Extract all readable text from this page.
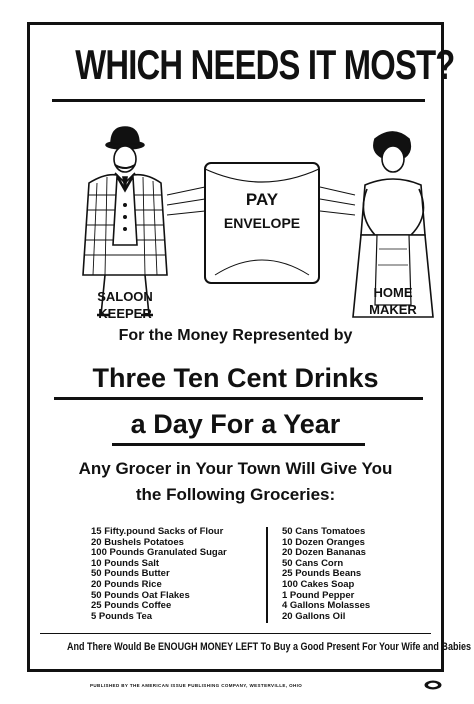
WHICH NEEDS IT MOST?
SALOON
KEEPER
PAY
ENVELOPE
HOME
MAKER
For the Money Represented by
Three Ten Cent Drinks
a Day For a Year
Any Grocer in Your Town Will Give You
the Following Groceries:
15 Fifty.pound Sacks of Flour
20 Bushels Potatoes
100 Pounds Granulated Sugar
10 Pounds Salt
50 Pounds Butter
20 Pounds Rice
50 Pounds Oat Flakes
25 Pounds Coffee
5 Pounds Tea
50 Cans Tomatoes
10 Dozen Oranges
20 Dozen Bananas
50 Cans Corn
25 Pounds Beans
100 Cakes Soap
1 Pound Pepper
4 Gallons Molasses
20 Gallons Oil
And There Would Be ENOUGH MONEY LEFT To Buy a Good Present For Your Wife and Babies
PUBLISHED BY THE AMERICAN ISSUE PUBLISHING COMPANY, WESTERVILLE, OHIO
